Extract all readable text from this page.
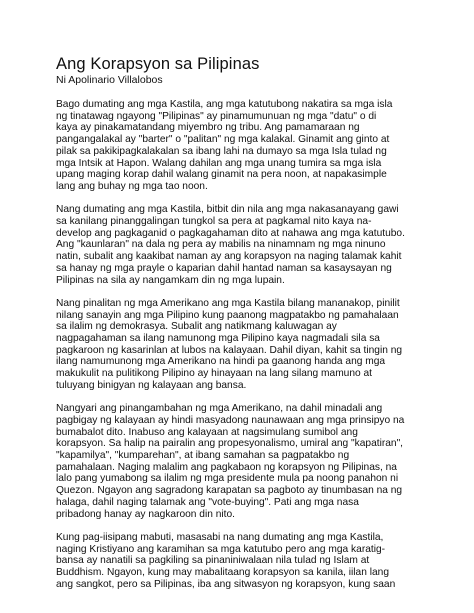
Ang Korapsyon sa Pilipinas
Ni Apolinario Villalobos
Bago dumating ang mga Kastila, ang mga katutubong nakatira sa mga isla
ng tinatawag ngayong "Pilipinas" ay pinamumunuan ng mga "datu" o di
kaya ay pinakamatandang miyembro ng tribu. Ang pamamaraan ng
pangangalakal ay "barter" o "palitan" ng mga kalakal. Ginamit ang ginto at
pilak sa pakikipagkalakalan sa ibang lahi na dumayo sa mga Isla tulad ng
mga Intsik at Hapon. Walang dahilan ang mga unang tumira sa mga isla
upang maging korap dahil walang ginamit na pera noon, at napakasimple
lang ang buhay ng mga tao noon.
Nang dumating ang mga Kastila, bitbit din nila ang mga nakasanayang gawi
sa kanilang pinanggalingan tungkol sa pera at pagkamal nito kaya na-
develop ang pagkaganid o pagkagahaman dito at nahawa ang mga katutubo.
Ang "kaunlaran" na dala ng pera ay mabilis na ninamnam ng mga ninuno
natin, subalit ang kaakibat naman ay ang korapsyon na naging talamak kahit
sa hanay ng mga prayle o kaparian dahil hantad naman sa kasaysayan ng
Pilipinas na sila ay nangamkam din ng mga lupain.
Nang pinalitan ng mga Amerikano ang mga Kastila bilang mananakop, pinilit
nilang sanayin ang mga Pilipino kung paanong magpatakbo ng pamahalaan
sa ilalim ng demokrasya. Subalit ang natikmang kaluwagan ay
nagpagahaman sa ilang namunong mga Pilipino kaya nagmadali sila sa
pagkaroon ng kasarinlan at lubos na kalayaan. Dahil diyan, kahit sa tingin ng
ilang namumunong mga Amerikano na hindi pa gaanong handa ang mga
makukulit na pulitikong Pilipino ay hinayaan na lang silang mamuno at
tuluyang binigyan ng kalayaan ang bansa.
Nangyari ang pinangambahan ng mga Amerikano, na dahil minadali ang
pagbigay ng kalayaan ay hindi masyadong naunawaan ang mga prinsipyo na
bumabalot dito. Inabuso ang kalayaan at nagsimulang sumibol ang
korapsyon. Sa halip na pairalin ang propesyonalismo, umiral ang "kapatiran",
"kapamilya", "kumparehan", at ibang samahan sa pagpatakbo ng
pamahalaan. Naging malalim ang pagkabaon ng korapsyon ng Pilipinas, na
lalo pang yumabong sa ilalim ng mga presidente mula pa noong panahon ni
Quezon. Ngayon ang sagradong karapatan sa pagboto ay tinumbasan na ng
halaga, dahil naging talamak ang "vote-buying". Pati ang mga nasa
pribadong hanay ay nagkaroon din nito.
Kung pag-iisipang mabuti, masasabi na nang dumating ang mga Kastila,
naging Kristiyano ang karamihan sa mga katutubo pero ang mga karatig-
bansa ay nanatili sa pagkiling sa pinaniniwalaan nila tulad ng Islam at
Buddhism. Ngayon, kung may mabalitaang korapsyon sa kanila, iilan lang
ang sangkot, pero sa Pilipinas, iba ang sitwasyon ng korapsyon, kung saan
